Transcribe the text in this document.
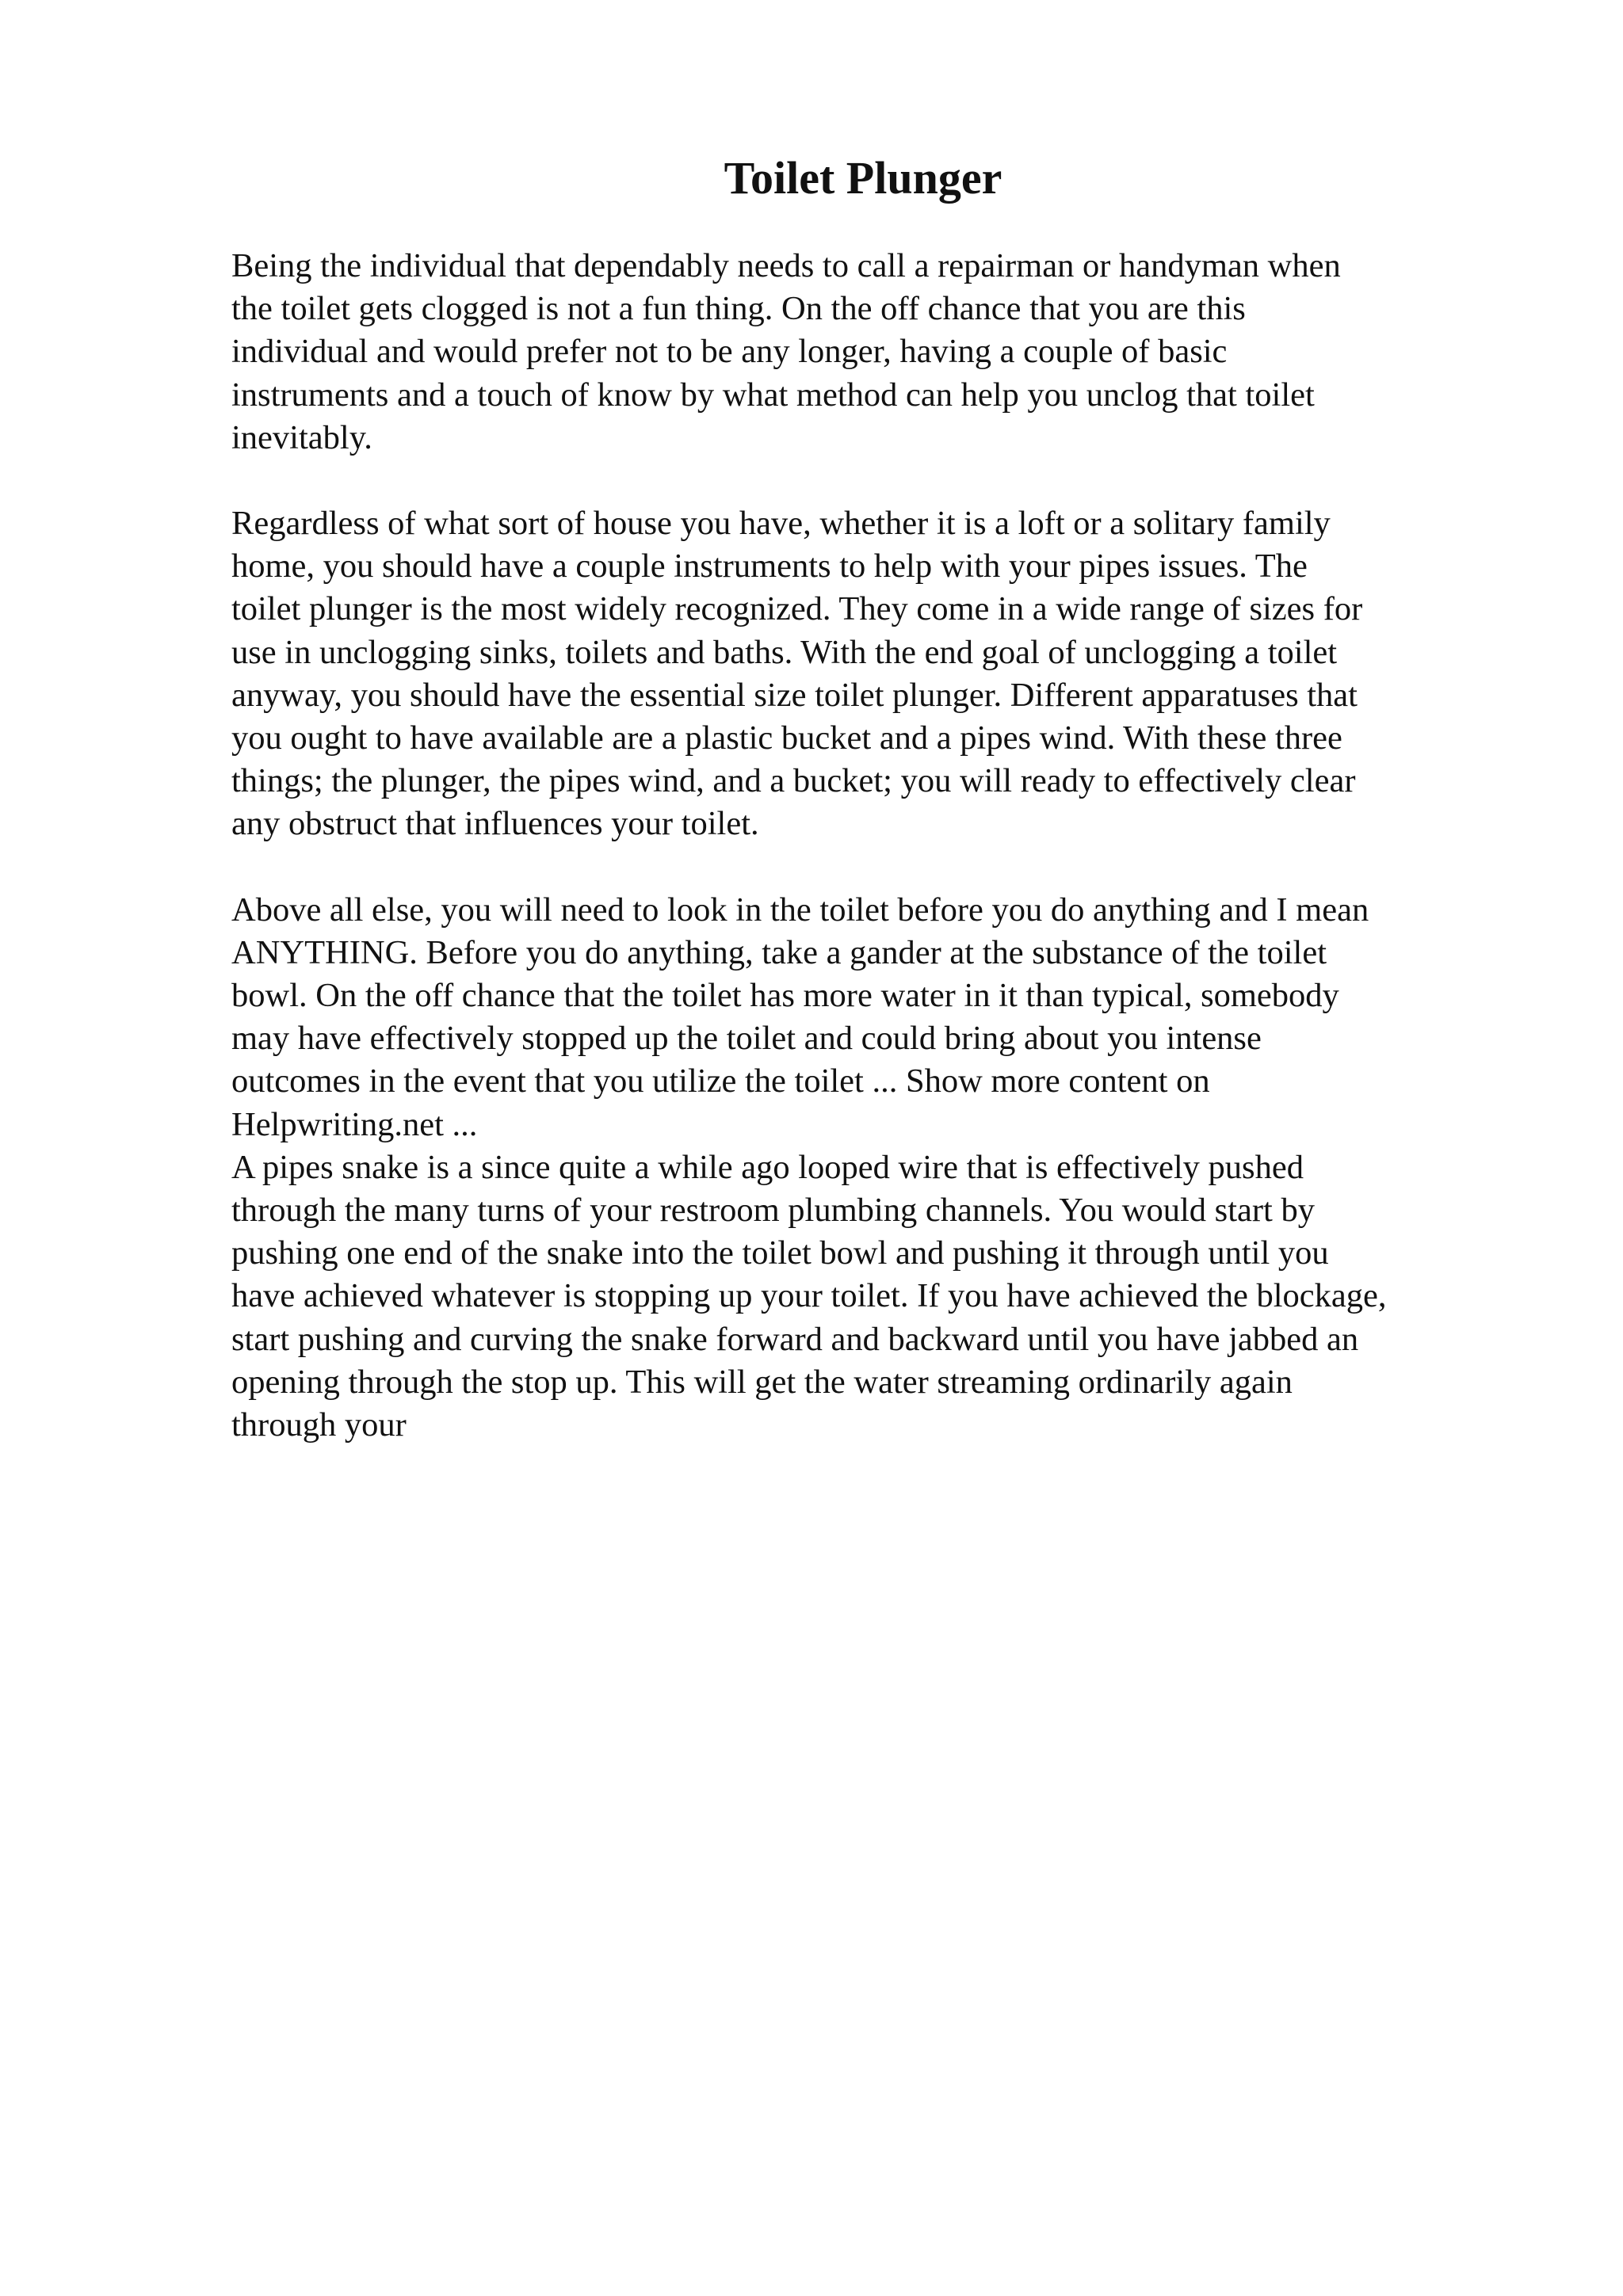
Toilet Plunger

Being the individual that dependably needs to call a repairman or handyman when
the toilet gets clogged is not a fun thing. On the off chance that you are this
individual and would prefer not to be any longer, having a couple of basic
instruments and a touch of know by what method can help you unclog that toilet
inevitably.

Regardless of what sort of house you have, whether it is a loft or a solitary family
home, you should have a couple instruments to help with your pipes issues. The
toilet plunger is the most widely recognized. They come in a wide range of sizes for
use in unclogging sinks, toilets and baths. With the end goal of unclogging a toilet
anyway, you should have the essential size toilet plunger. Different apparatuses that
you ought to have available are a plastic bucket and a pipes wind. With these three
things; the plunger, the pipes wind, and a bucket; you will ready to effectively clear
any obstruct that influences your toilet.

Above all else, you will need to look in the toilet before you do anything and I mean
ANYTHING. Before you do anything, take a gander at the substance of the toilet
bowl. On the off chance that the toilet has more water in it than typical, somebody
may have effectively stopped up the toilet and could bring about you intense
outcomes in the event that you utilize the toilet ... Show more content on
Helpwriting.net ...

A pipes snake is a since quite a while ago looped wire that is effectively pushed
through the many turns of your restroom plumbing channels. You would start by
pushing one end of the snake into the toilet bowl and pushing it through until you
have achieved whatever is stopping up your toilet. If you have achieved the blockage,
start pushing and curving the snake forward and backward until you have jabbed an
opening through the stop up. This will get the water streaming ordinarily again
through your
